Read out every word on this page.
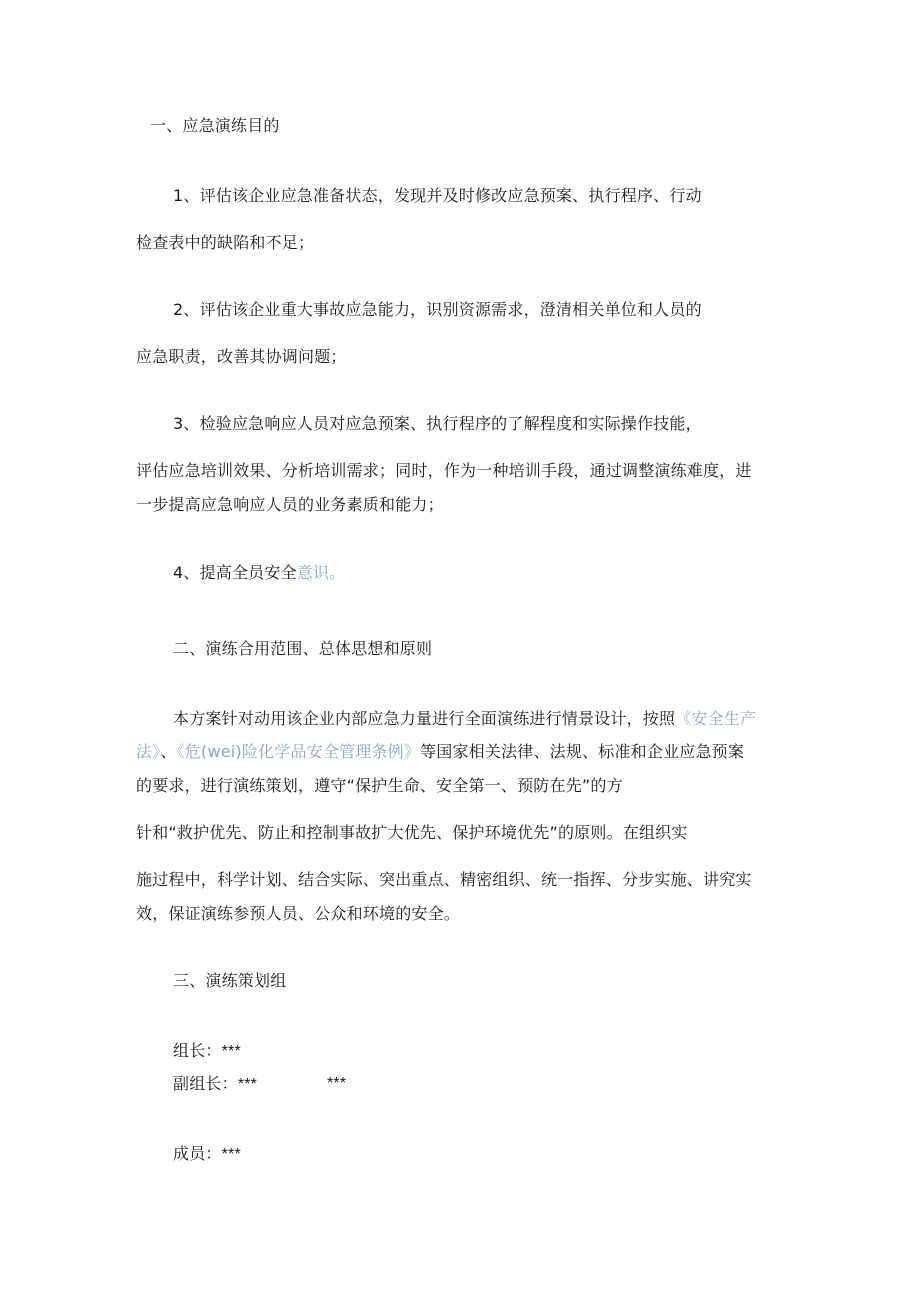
一、应急演练目的
1、评估该企业应急准备状态，发现并及时修改应急预案、执行程序、行动
检查表中的缺陷和不足；
2、评估该企业重大事故应急能力，识别资源需求，澄清相关单位和人员的
应急职责，改善其协调问题；
3、检验应急响应人员对应急预案、执行程序的了解程度和实际操作技能，
评估应急培训效果、分析培训需求；同时，作为一种培训手段，通过调整演练难度，进
一步提高应急响应人员的业务素质和能力；
4、提高全员安全意识。
二、演练合用范围、总体思想和原则
本方案针对动用该企业内部应急力量进行全面演练进行情景设计，按照《安全生产
法》、《危(wei)险化学品安全管理条例》等国家相关法律、法规、标准和企业应急预案
的要求，进行演练策划，遵守“保护生命、安全第一、预防在先”的方
针和“救护优先、防止和控制事故扩大优先、保护环境优先”的原则。在组织实
施过程中，科学计划、结合实际、突出重点、精密组织、统一指挥、分步实施、讲究实
效，保证演练参预人员、公众和环境的安全。
三、演练策划组
组长：***
副组长：***	***
成员：***
